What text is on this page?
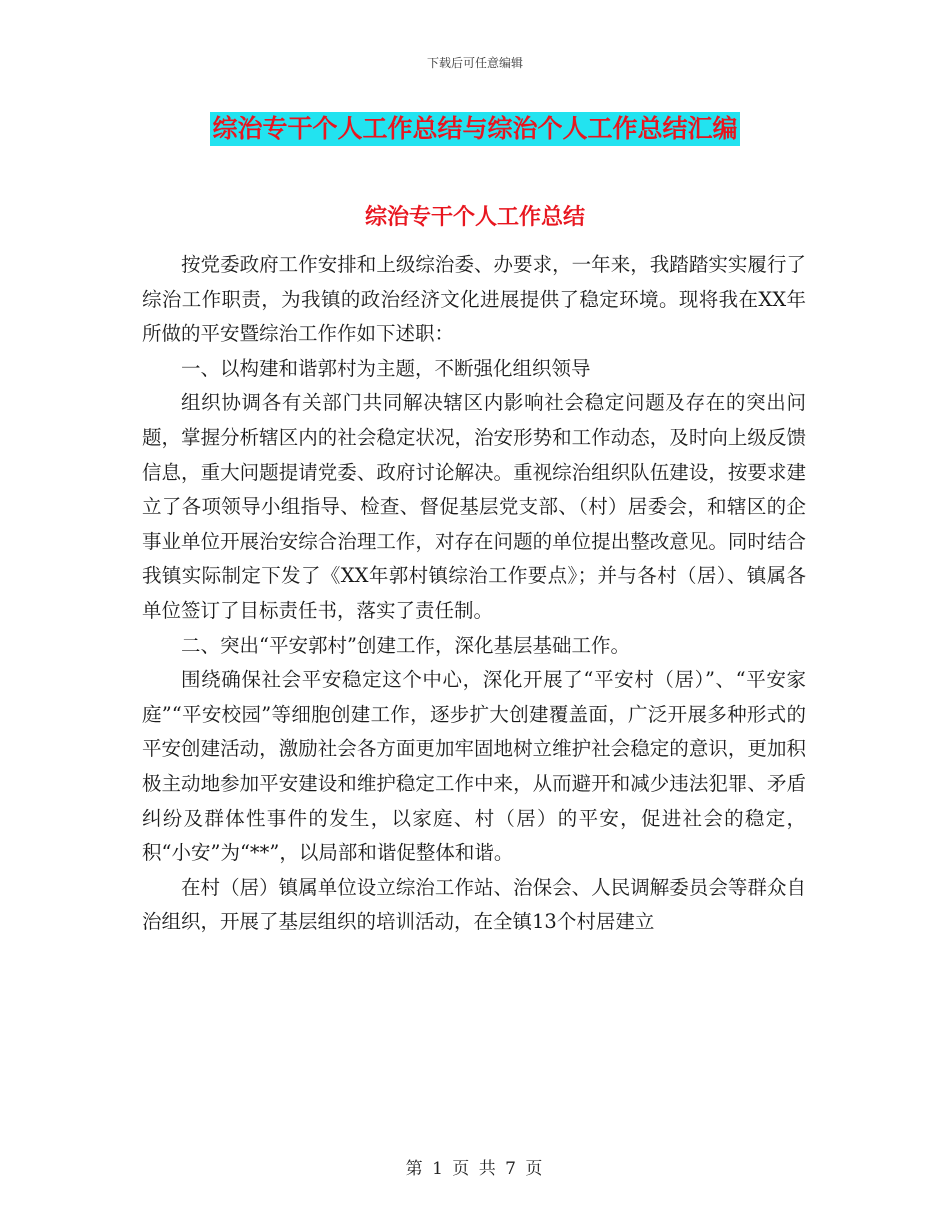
下载后可任意编辑
综治专干个人工作总结与综治个人工作总结汇编
综治专干个人工作总结

按党委政府工作安排和上级综治委、办要求，一年来，我踏踏实实履行了综治工作职责，为我镇的政治经济文化进展提供了稳定环境。现将我在XX年所做的平安暨综治工作作如下述职：

一、以构建和谐郭村为主题，不断强化组织领导

组织协调各有关部门共同解决辖区内影响社会稳定问题及存在的突出问题，掌握分析辖区内的社会稳定状况，治安形势和工作动态，及时向上级反馈信息，重大问题提请党委、政府讨论解决。重视综治组织队伍建设，按要求建立了各项领导小组指导、检查、督促基层党支部、（村）居委会，和辖区的企事业单位开展治安综合治理工作，对存在问题的单位提出整改意见。同时结合我镇实际制定下发了《XX年郭村镇综治工作要点》；并与各村（居）、镇属各单位签订了目标责任书，落实了责任制。

二、突出“平安郭村”创建工作，深化基层基础工作。

围绕确保社会平安稳定这个中心，深化开展了“平安村（居）”、“平安家庭”“平安校园”等细胞创建工作，逐步扩大创建覆盖面，广泛开展多种形式的平安创建活动，激励社会各方面更加牢固地树立维护社会稳定的意识，更加积极主动地参加平安建设和维护稳定工作中来，从而避开和减少违法犯罪、矛盾纠纷及群体性事件的发生，以家庭、村（居）的平安，促进社会的稳定，积“小安”为“**”，以局部和谐促整体和谐。

在村（居）镇属单位设立综治工作站、治保会、人民调解委员会等群众自治组织，开展了基层组织的培训活动，在全镇13个村居建立

第 1 页 共 7 页
